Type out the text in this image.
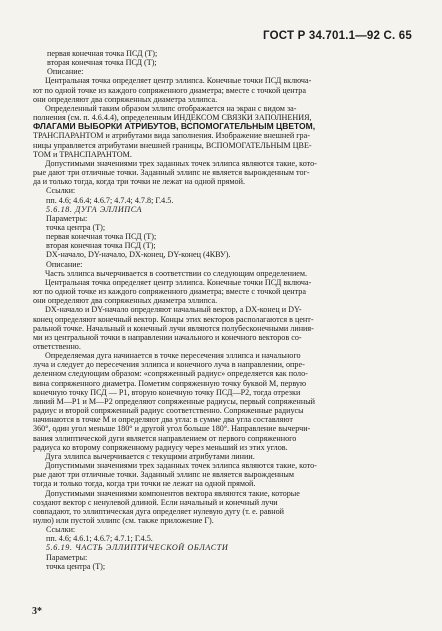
ГОСТ Р 34.701.1—92 С. 65

первая конечная точка ПСД (Т);

вторая конечная точка ПСД (Т);

Описание:

Центральная точка определяет центр эллипса. Конечные точки ПСД включа-

ют по одной точке из каждого сопряженного диаметра; вместе с точкой центра

они определяют два сопряженных диаметра эллипса.

Определенный таким образом эллипс отображается на экран с видом за-

полнения (см. п. 4.6.4.4), определенным ИНДЕКСОМ СВЯЗКИ ЗАПОЛНЕНИЯ,

ФЛАГАМИ ВЫБОРКИ АТРИБУТОВ, ВСПОМОГАТЕЛЬНЫМ ЦВЕТОМ,

ТРАНСПАРАНТОМ и атрибутами вида заполнения. Изображение внешней гра-

ницы управляется атрибутами внешней границы, ВСПОМОГАТЕЛЬНЫМ ЦВЕ-

ТОМ и ТРАНСПАРАНТОМ.

Допустимыми значениями трех заданных точек эллипса являются такие, кото-

рые дают три отличные точки. Заданный эллипс не является вырожденным тог-

да и только тогда, когда три точки не лежат на одной прямой.

Ссылки:

пп. 4.6; 4.6.4; 4.6.7; 4.7.4; 4.7.8; Г.4.5.

5.6.18. ДУГА ЭЛЛИПСА

Параметры:

точка центра (Т);

первая конечная точка ПСД (Т);

вторая конечная точка ПСД (Т);

DX-начало, DY-начало, DX-конец, DY-конец (4КВУ).

Описание:

Часть эллипса вычерчивается в соответствии со следующим определением.

Центральная точка определяет центр эллипса. Конечные точки ПСД включа-

ют по одной точке из каждого сопряженного диаметра; вместе с точкой центра

они определяют два сопряженных диаметра эллипса.

DX-начало и DY-начало определяют начальный вектор, а DX-конец и DY-

конец определяют конечный вектор. Концы этих векторов располагаются в цент-

ральной точке. Начальный и конечный лучи являются полубесконечными линия-

ми из центральной точки в направлении начального и конечного векторов со-

ответственно.

Определяемая дуга начинается в точке пересечения эллипса и начального

луча и следует до пересечения эллипса и конечного луча в направлении, опре-

деленном следующим образом: «сопряженный радиус» определяется как поло-

вина сопряженного диаметра. Пометим сопряженную точку буквой М, первую

конечную точку ПСД — Р1, вторую конечную точку ПСД—Р2, тогда отрезки

линий М—Р1 и М—Р2 определяют сопряженные радиусы, первый сопряженный

радиус и второй сопряженный радиус соответственно. Сопряженные радиусы

начинаются в точке М и определяют два угла: в сумме два угла составляют

360°, один угол меньше 180° и другой угол больше 180°. Направление вычерчи-

вания эллиптической дуги является направлением от первого сопряженного

радиуса ко второму сопряженному радиусу через меньший из этих углов.

Дуга эллипса вычерчивается с текущими атрибутами линии.

Допустимыми значениями трех заданных точек эллипса являются такие, кото-

рые дают три отличные точки. Заданный эллипс не является вырожденным

тогда и только тогда, когда три точки не лежат на одной прямой.

Допустимыми значениями компонентов вектора являются такие, которые

создают вектор с ненулевой длиной. Если начальный и конечный лучи

совпадают, то эллиптическая дуга определяет нулевую дугу (т. е. равной

нулю) или пустой эллипс (см. также приложение Г).

Ссылки:

пп. 4.6; 4.6.1; 4.6.7; 4.7.1; Г.4.5.

5.6.19. ЧАСТЬ ЭЛЛИПТИЧЕСКОЙ ОБЛАСТИ

Параметры:

точка центра (Т);

3*
